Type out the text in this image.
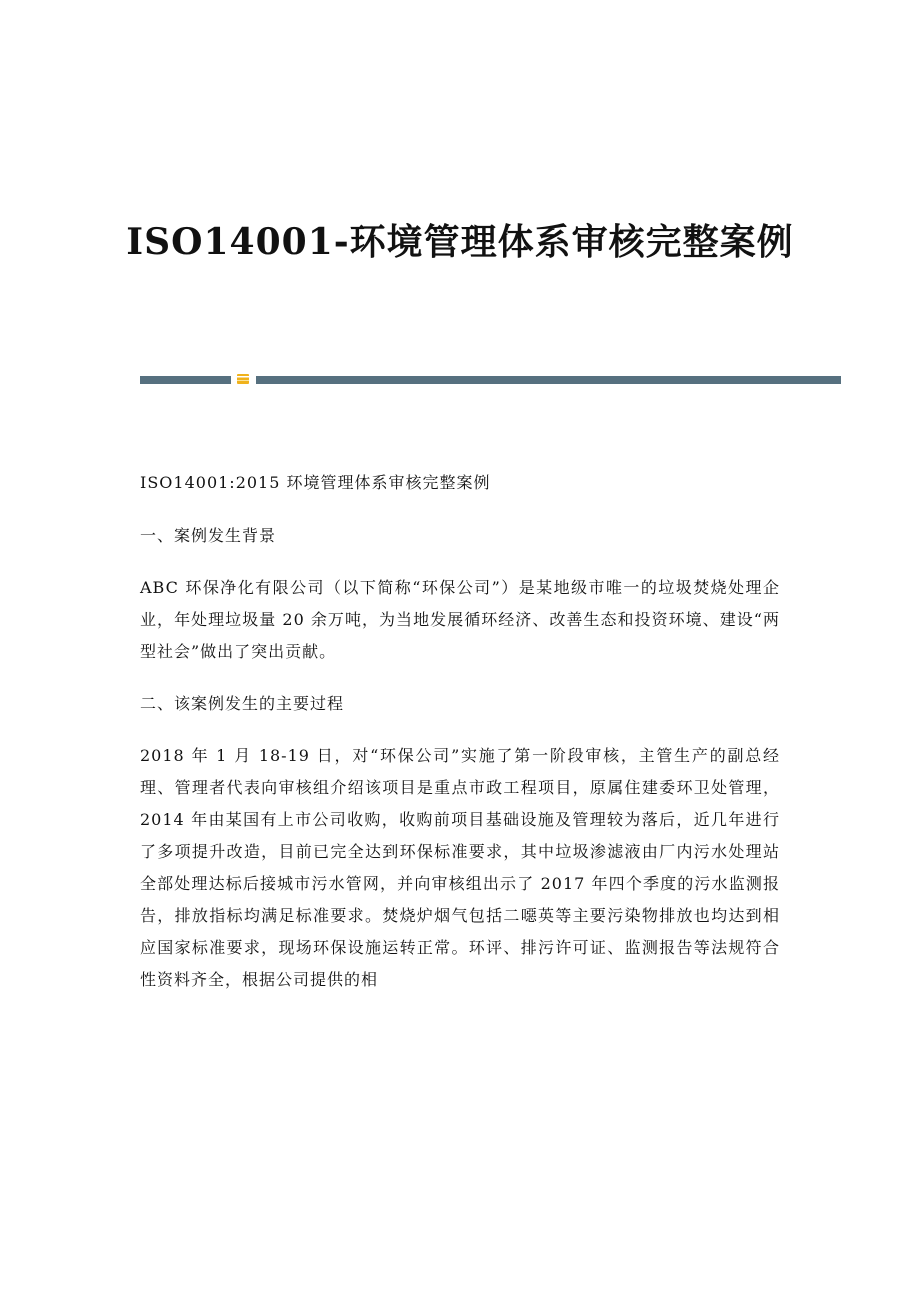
ISO14001-环境管理体系审核完整案例

ISO14001:2015 环境管理体系审核完整案例

一、案例发生背景

ABC 环保净化有限公司（以下简称“环保公司”）是某地级市唯一的垃圾焚烧处理企业，年处理垃圾量 20 余万吨，为当地发展循环经济、改善生态和投资环境、建设“两型社会”做出了突出贡献。

二、该案例发生的主要过程

2018 年 1 月 18-19 日，对“环保公司”实施了第一阶段审核，主管生产的副总经理、管理者代表向审核组介绍该项目是重点市政工程项目，原属住建委环卫处管理，2014 年由某国有上市公司收购，收购前项目基础设施及管理较为落后，近几年进行了多项提升改造，目前已完全达到环保标准要求，其中垃圾渗滤液由厂内污水处理站全部处理达标后接城市污水管网，并向审核组出示了 2017 年四个季度的污水监测报告，排放指标均满足标准要求。焚烧炉烟气包括二噁英等主要污染物排放也均达到相应国家标准要求，现场环保设施运转正常。环评、排污许可证、监测报告等法规符合性资料齐全，根据公司提供的相
